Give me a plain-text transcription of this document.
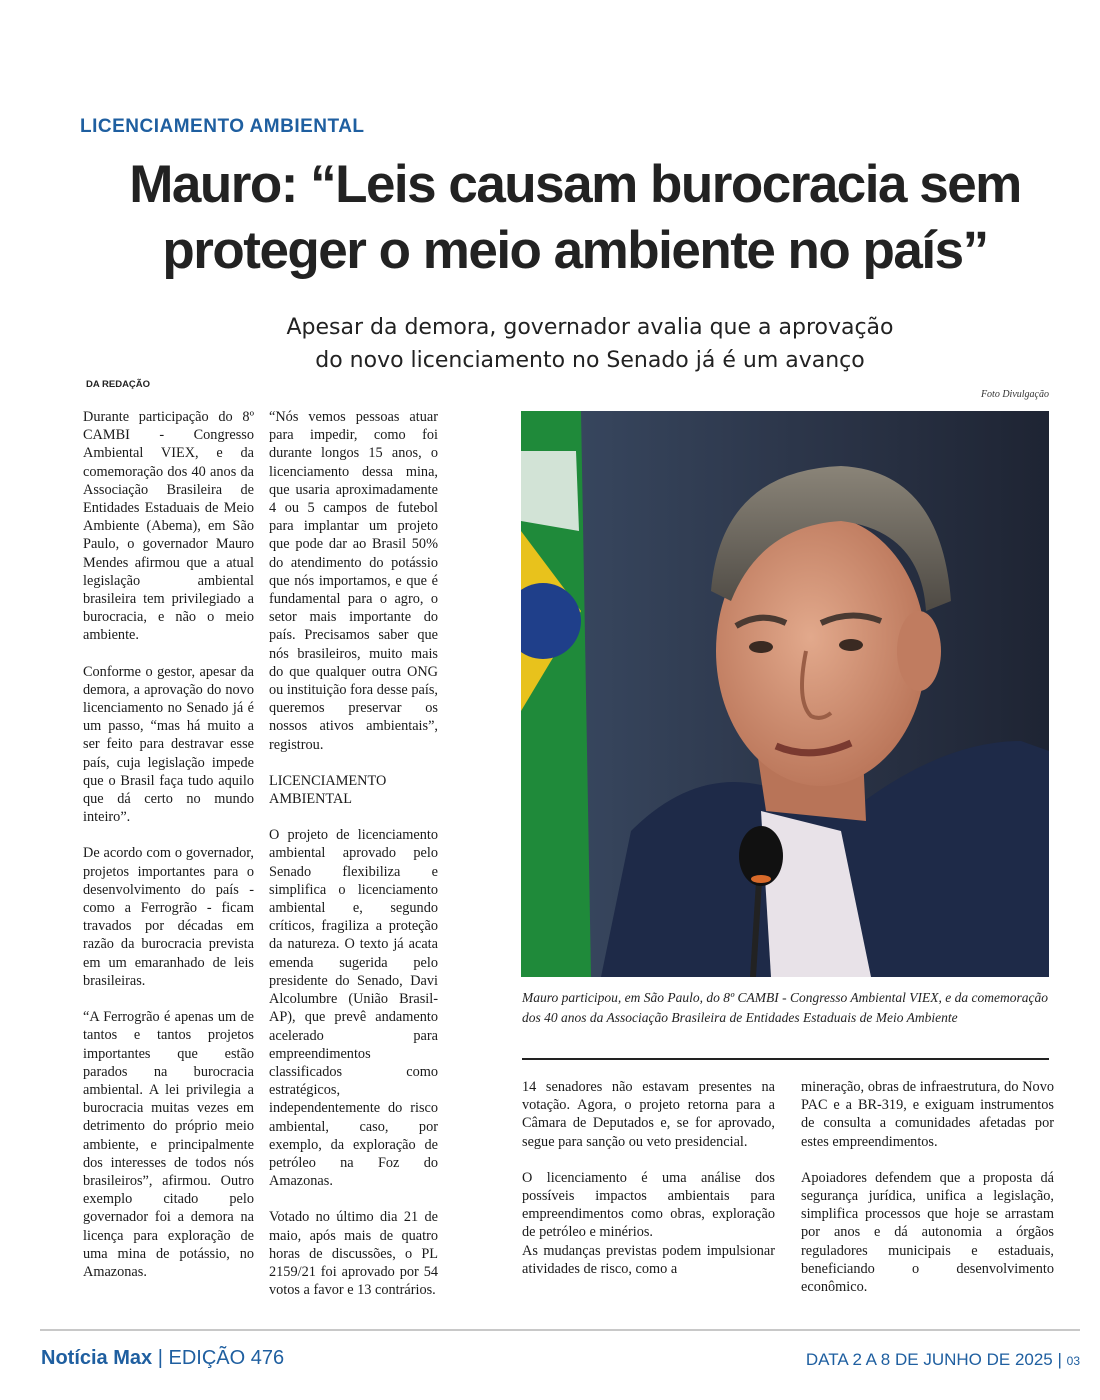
LICENCIAMENTO AMBIENTAL
Mauro: “Leis causam burocracia sem
proteger o meio ambiente no país”
Apesar da demora, governador avalia que a aprovação
do novo licenciamento no Senado já é um avanço
DA REDAÇÃO
Foto Divulgação

Durante participação do 8º CAMBI - Congresso Ambiental VIEX, e da comemoração dos 40 anos da Associação Brasileira de Entidades Estaduais de Meio Ambiente (Abema), em São Paulo, o governador Mauro Mendes afirmou que a atual legislação ambiental brasileira tem privilegiado a burocracia, e não o meio ambiente.

Conforme o gestor, apesar da demora, a aprovação do novo licenciamento no Senado já é um passo, “mas há muito a ser feito para destravar esse país, cuja legislação impede que o Brasil faça tudo aquilo que dá certo no mundo inteiro”.

De acordo com o governador, projetos importantes para o desenvolvimento do país - como a Ferrogrão - ficam travados por décadas em razão da burocracia prevista em um emaranhado de leis brasileiras.

“A Ferrogrão é apenas um de tantos e tantos projetos importantes que estão parados na burocracia ambiental. A lei privilegia a burocracia muitas vezes em detrimento do próprio meio ambiente, e principalmente dos interesses de todos nós brasileiros”, afirmou. Outro exemplo citado pelo governador foi a demora na licença para exploração de uma mina de potássio, no Amazonas.

“Nós vemos pessoas atuar para impedir, como foi durante longos 15 anos, o licenciamento dessa mina, que usaria aproximadamente 4 ou 5 campos de futebol para implantar um projeto que pode dar ao Brasil 50% do atendimento do potássio que nós importamos, e que é fundamental para o agro, o setor mais importante do país. Precisamos saber que nós brasileiros, muito mais do que qualquer outra ONG ou instituição fora desse país, queremos preservar os nossos ativos ambientais”, registrou.

LICENCIAMENTO AMBIENTAL

O projeto de licenciamento ambiental aprovado pelo Senado flexibiliza e simplifica o licenciamento ambiental e, segundo críticos, fragiliza a proteção da natureza. O texto já acata emenda sugerida pelo presidente do Senado, Davi Alcolumbre (União Brasil-AP), que prevê andamento acelerado para empreendimentos classificados como estratégicos, independentemente do risco ambiental, caso, por exemplo, da exploração de petróleo na Foz do Amazonas.

Votado no último dia 21 de maio, após mais de quatro horas de discussões, o PL 2159/21 foi aprovado por 54 votos a favor e 13 contrários.

Mauro participou, em São Paulo, do 8º CAMBI - Congresso Ambiental VIEX, e da comemoração dos 40 anos da Associação Brasileira de Entidades Estaduais de Meio Ambiente

14 senadores não estavam presentes na votação. Agora, o projeto retorna para a Câmara de Deputados e, se for aprovado, segue para sanção ou veto presidencial.

O licenciamento é uma análise dos possíveis impactos ambientais para empreendimentos como obras, exploração de petróleo e minérios.

As mudanças previstas podem impulsionar atividades de risco, como a

mineração, obras de infraestrutura, do Novo PAC e a BR-319, e exiguam instrumentos de consulta a comunidades afetadas por estes empreendimentos.

Apoiadores defendem que a proposta dá segurança jurídica, unifica a legislação, simplifica processos que hoje se arrastam por anos e dá autonomia a órgãos reguladores municipais e estaduais, beneficiando o desenvolvimento econômico.

Notícia Max | EDIÇÃO 476	DATA 2 A 8 DE JUNHO DE 2025 | 03
